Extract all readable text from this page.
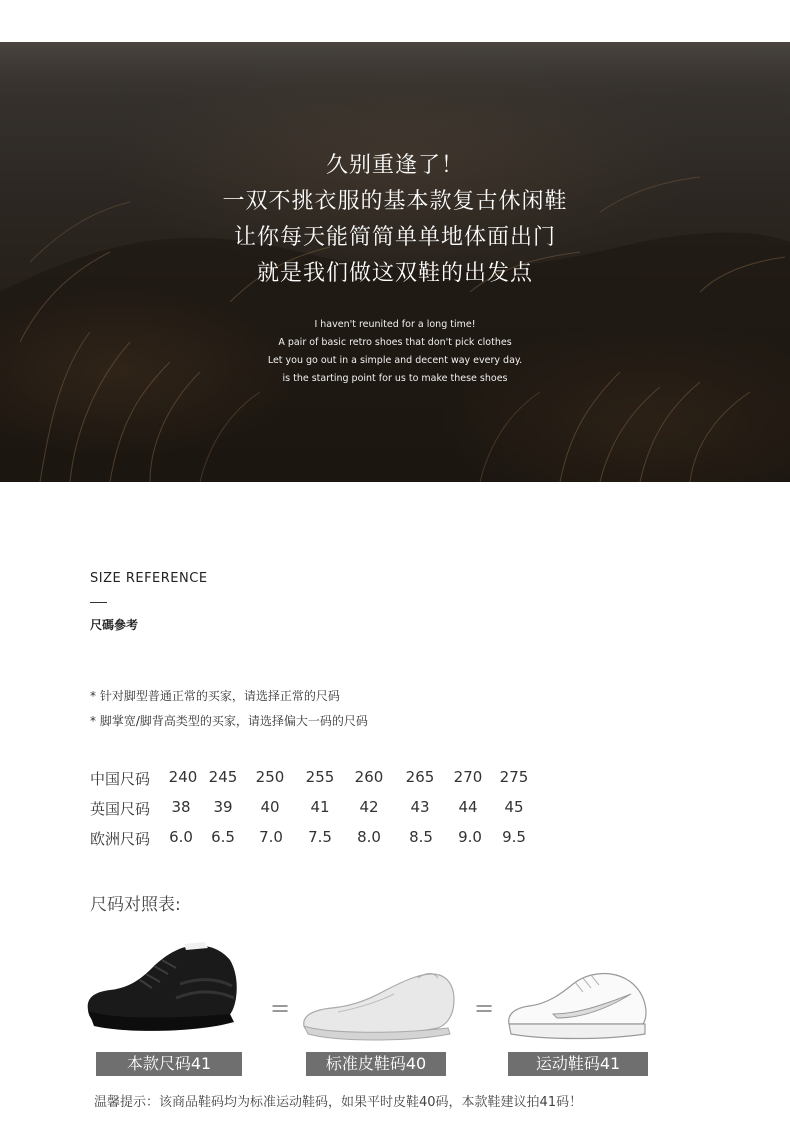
久别重逢了！
一双不挑衣服的基本款复古休闲鞋
让你每天能简简单单地体面出门
就是我们做这双鞋的出发点
I haven't reunited for a long time!
A pair of basic retro shoes that don't pick clothes
Let you go out in a simple and decent way every day.
is the starting point for us to make these shoes
SIZE REFERENCE
尺碼參考
* 针对脚型普通正常的买家，请选择正常的尺码
* 脚掌宽/脚背高类型的买家，请选择偏大一码的尺码
中国尺码	240 245	250	255	260	265	270	275
英国尺码	38	39	40	41	42	43	44	45
欧洲尺码	6.0	6.5	7.0	7.5	8.0	8.5	9.0	9.5
尺码对照表:
=	=
本款尺码41	标准皮鞋码40	运动鞋码41
温馨提示：该商品鞋码均为标准运动鞋码，如果平时皮鞋40码，本款鞋建议拍41码！
